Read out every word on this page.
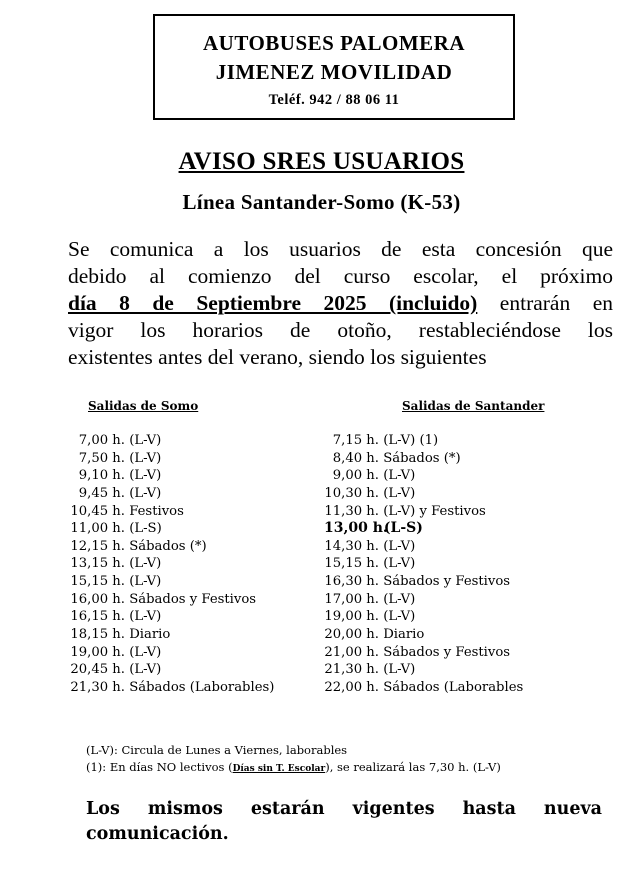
AUTOBUSES PALOMERA
JIMENEZ MOVILIDAD
Teléf. 942 / 88 06 11
AVISO SRES USUARIOS
Línea Santander-Somo (K-53)

Se comunica a los usuarios de esta concesión que

debido al comienzo del curso escolar, el próximo

día 8 de Septiembre 2025 (incluido) entrarán en

vigor los horarios de otoño, restableciéndose los

existentes antes del verano, siendo los siguientes

Salidas de Somo	Salidas de Santander
7,00 h. (L-V)
7,50 h. (L-V)
9,10 h. (L-V)
9,45 h. (L-V)
10,45 h. Festivos
11,00 h. (L-S)
12,15 h. Sábados (*)
13,15 h. (L-V)
15,15 h. (L-V)
16,00 h. Sábados y Festivos
16,15 h. (L-V)
18,15 h. Diario
19,00 h. (L-V)
20,45 h. (L-V)
21,30 h. Sábados (Laborables)
7,15 h. (L-V) (1)
8,40 h. Sábados (*)
9,00 h. (L-V)
10,30 h. (L-V)
11,30 h. (L-V) y Festivos
13,00 h. (L-S)
14,30 h. (L-V)
15,15 h. (L-V)
16,30 h. Sábados y Festivos
17,00 h. (L-V)
19,00 h. (L-V)
20,00 h. Diario
21,00 h. Sábados y Festivos
21,30 h. (L-V)
22,00 h. Sábados (Laborables
(L-V): Circula de Lunes a Viernes, laborables
(1): En días NO lectivos (Días sin T. Escolar), se realizará las 7,30 h. (L-V)
Los mismos estarán vigentes hasta nueva
comunicación.
